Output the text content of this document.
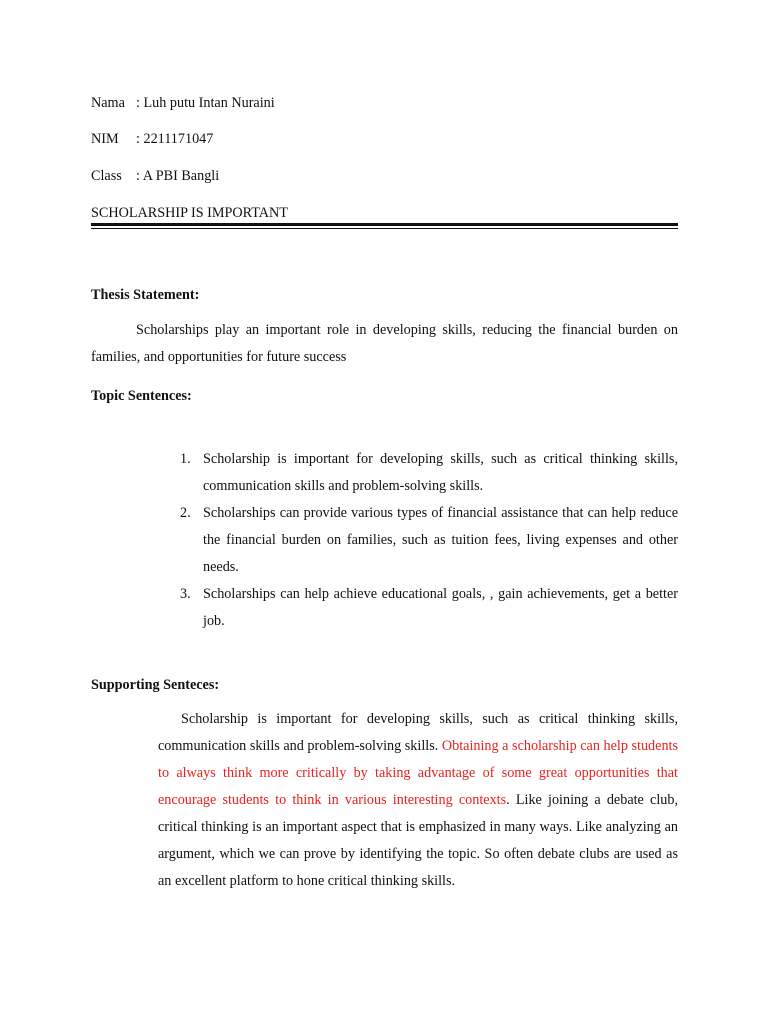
Nama : Luh putu Intan Nuraini
NIM : 2211171047
Class : A PBI Bangli
SCHOLARSHIP IS IMPORTANT
Thesis Statement:
Scholarships play an important role in developing skills, reducing the financial burden on families, and opportunities for future success
Topic Sentences:
1. Scholarship is important for developing skills, such as critical thinking skills, communication skills and problem-solving skills.
2. Scholarships can provide various types of financial assistance that can help reduce the financial burden on families, such as tuition fees, living expenses and other needs.
3. Scholarships can help achieve educational goals, , gain achievements, get a better job.
Supporting Senteces:
Scholarship is important for developing skills, such as critical thinking skills, communication skills and problem-solving skills. Obtaining a scholarship can help students to always think more critically by taking advantage of some great opportunities that encourage students to think in various interesting contexts. Like joining a debate club, critical thinking is an important aspect that is emphasized in many ways. Like analyzing an argument, which we can prove by identifying the topic. So often debate clubs are used as an excellent platform to hone critical thinking skills.
